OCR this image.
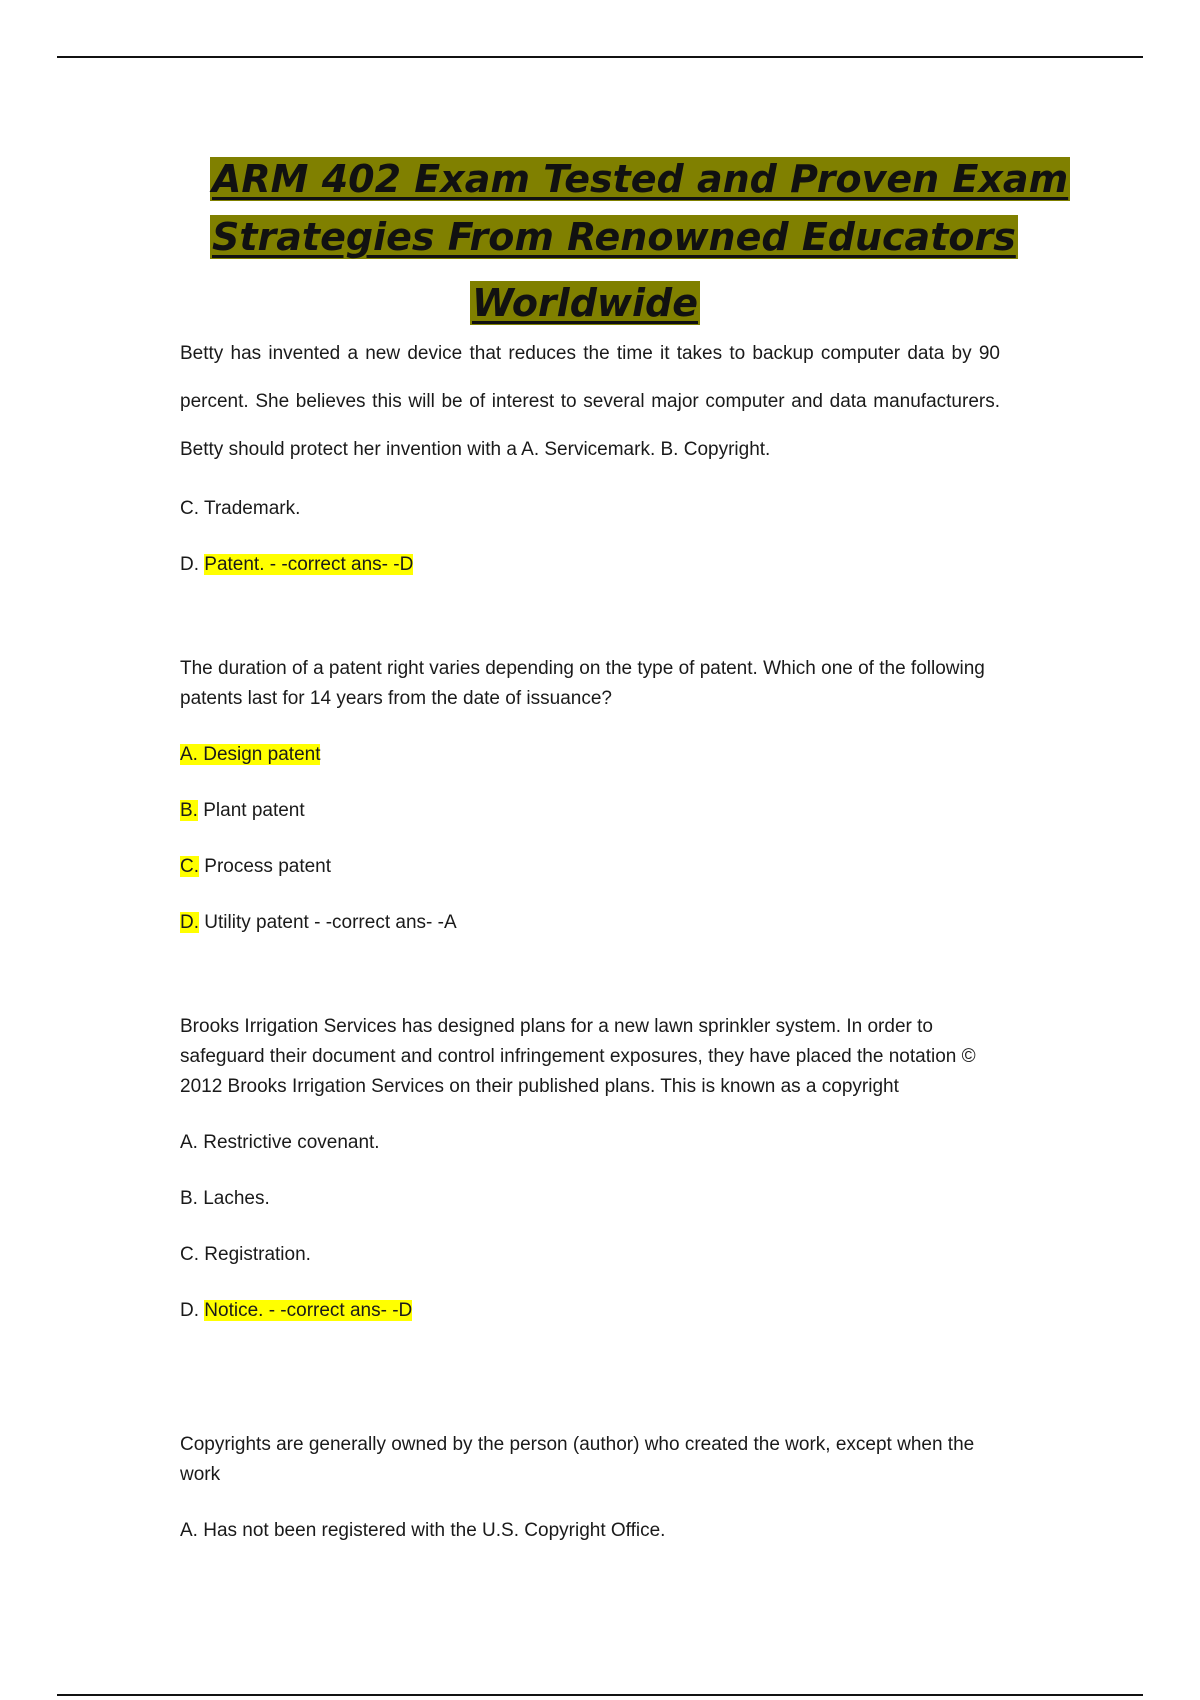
ARM 402 Exam Tested and Proven Exam
Strategies From Renowned Educators
Worldwide
Betty has invented a new device that reduces the time it takes to backup computer data by 90 percent. She believes this will be of interest to several major computer and data manufacturers. Betty should protect her invention with a A. Servicemark. B. Copyright.
C. Trademark.
D. Patent. - -correct ans- -D
The duration of a patent right varies depending on the type of patent. Which one of the following patents last for 14 years from the date of issuance?
A. Design patent
B. Plant patent
C. Process patent
D. Utility patent - -correct ans- -A
Brooks Irrigation Services has designed plans for a new lawn sprinkler system. In order to safeguard their document and control infringement exposures, they have placed the notation © 2012 Brooks Irrigation Services on their published plans. This is known as a copyright
A. Restrictive covenant.
B. Laches.
C. Registration.
D. Notice. - -correct ans- -D
Copyrights are generally owned by the person (author) who created the work, except when the work
A. Has not been registered with the U.S. Copyright Office.
